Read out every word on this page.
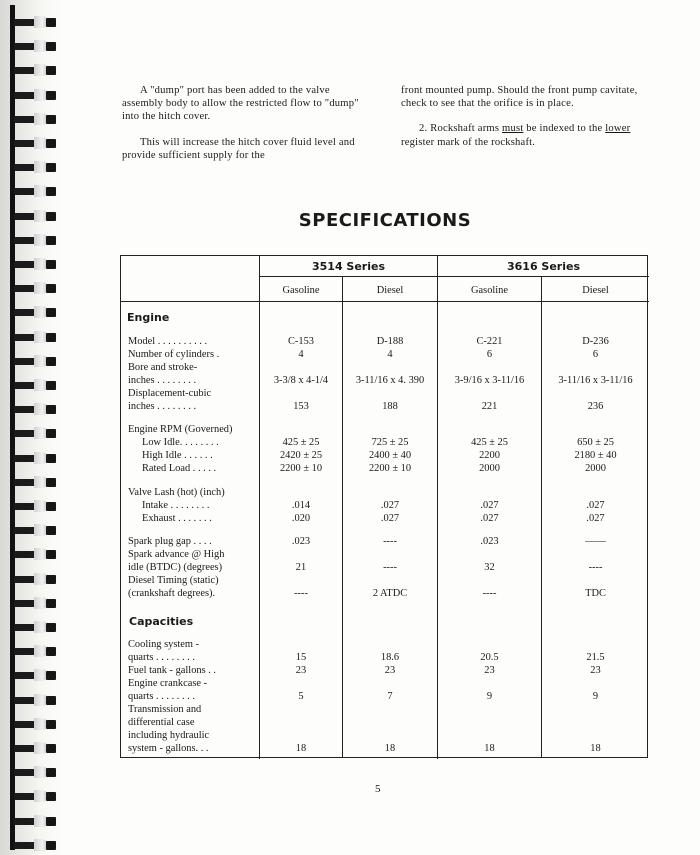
A "dump" port has been added to the valve assembly body to allow the restricted flow to "dump" into the hitch cover.

This will increase the hitch cover fluid level and provide sufficient supply for the

front mounted pump. Should the front pump cavitate, check to see that the orifice is in place.

2. Rockshaft arms must be indexed to the lower register mark of the rockshaft.

SPECIFICATIONS
3514 Series	3616 Series
Gasoline	Diesel	Gasoline	Diesel
Engine
Capacities
Model . . . . . . . . . .	C-153	D-188	C-221	D-236
Number of cylinders .	4	4	6	6
Bore and stroke-
inches . . . . . . . .	3-3/8 x 4-1/4	3-11/16 x 4. 390	3-9/16 x 3-11/16	3-11/16 x 3-11/16
Displacement-cubic
inches . . . . . . . .	153	188	221	236
Engine RPM (Governed)
Low Idle. . . . . . . .	425 ± 25	725 ± 25	425 ± 25	650 ± 25
High Idle . . . . . .	2420 ± 25	2400 ± 40	2200	2180 ± 40
Rated Load . . . . .	2200 ± 10	2200 ± 10	2000	2000
Valve Lash (hot) (inch)
Intake . . . . . . . .	.014	.027	.027	.027
Exhaust . . . . . . .	.020	.027	.027	.027
Spark plug gap . . . .	.023	----	.023	——
Spark advance @ High
idle (BTDC) (degrees)	21	----	32	----
Diesel Timing (static)
(crankshaft degrees).	----	2 ATDC	----	TDC
Cooling system -
quarts . . . . . . . .	15	18.6	20.5	21.5
Fuel tank - gallons . .	23	23	23	23
Engine crankcase -
quarts . . . . . . . .	5	7	9	9
Transmission and
differential case
including hydraulic
system - gallons. . .	18	18	18	18
5
